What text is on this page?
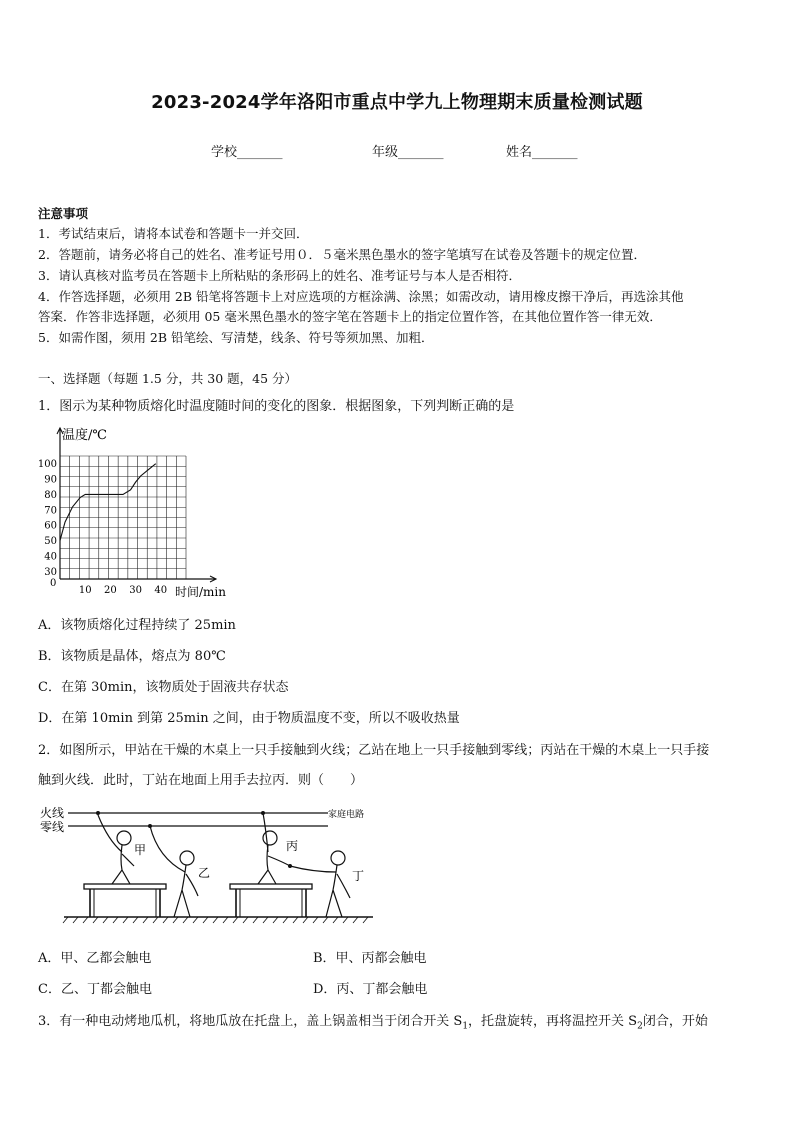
2023-2024学年洛阳市重点中学九上物理期末质量检测试题
学校_______	年级_______	姓名_______
注意事项
1．考试结束后，请将本试卷和答题卡一并交回．
2．答题前，请务必将自己的姓名、准考证号用０．５毫米黑色墨水的签字笔填写在试卷及答题卡的规定位置．
3．请认真核对监考员在答题卡上所粘贴的条形码上的姓名、准考证号与本人是否相符．
4．作答选择题，必须用 2B 铅笔将答题卡上对应选项的方框涂满、涂黑；如需改动，请用橡皮擦干净后，再选涂其他
答案．作答非选择题，必须用 05 毫米黑色墨水的签字笔在答题卡上的指定位置作答，在其他位置作答一律无效．
5．如需作图，须用 2B 铅笔绘、写清楚，线条、符号等须加黑、加粗．
一、选择题（每题 1.5 分，共 30 题，45 分）
1．图示为某种物质熔化时温度随时间的变化的图象．根据图象，下列判断正确的是
30
40
50
60
70
80
90
100
10 20 30 40
温度/℃
时间/min
0
A．该物质熔化过程持续了 25min
B．该物质是晶体，熔点为 80℃
C．在第 30min，该物质处于固液共存状态
D．在第 10min 到第 25min 之间，由于物质温度不变，所以不吸收热量
2．如图所示，甲站在干燥的木桌上一只手接触到火线；乙站在地上一只手接触到零线；丙站在干燥的木桌上一只手接
触到火线．此时，丁站在地面上用手去拉丙．则（　　）
火线
零线
家庭电路
甲
乙
丙
丁
A．甲、乙都会触电	B．甲、丙都会触电
C．乙、丁都会触电	D．丙、丁都会触电
3．有一种电动烤地瓜机，将地瓜放在托盘上，盖上锅盖相当于闭合开关 $S_1$，托盘旋转，再将温控开关 $S_2$闭合，开始
